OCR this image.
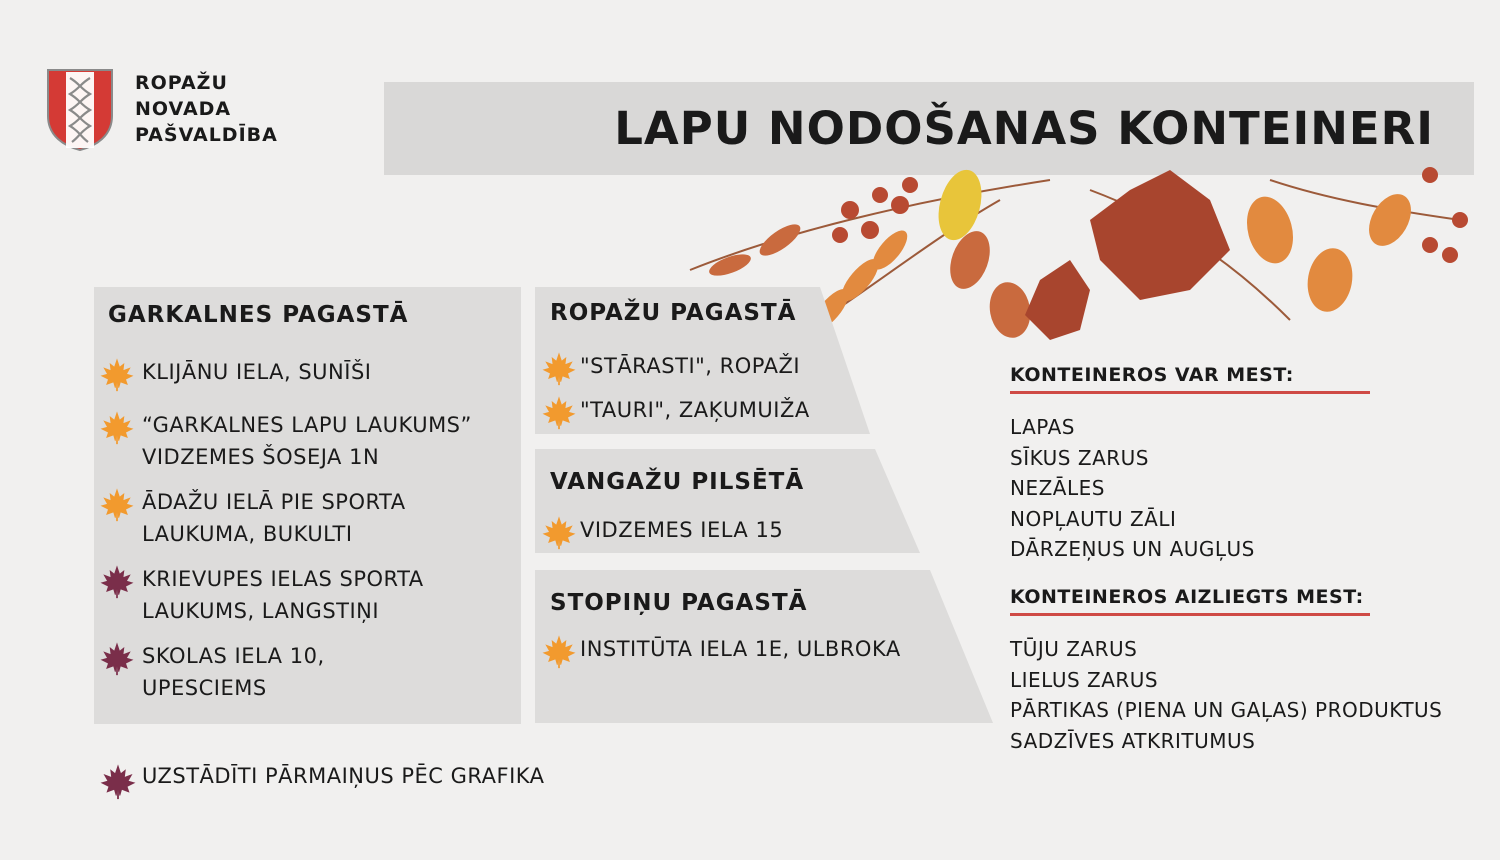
ROPAŽU
NOVADA
PAŠVALDĪBA	LAPU NODOŠANAS KONTEINERI
GARKALNES PAGASTĀ
KLIJĀNU IELA, SUNĪŠI
“GARKALNES LAPU LAUKUMS”
VIDZEMES ŠOSEJA 1N
ĀDAŽU IELĀ PIE SPORTA
LAUKUMA, BUKULTI
KRIEVUPES IELAS SPORTA
LAUKUMS, LANGSTIŅI
SKOLAS IELA 10,
UPESCIEMS
ROPAŽU PAGASTĀ
"STĀRASTI", ROPAŽI
"TAURI", ZAĶUMUIŽA
VANGAŽU PILSĒTĀ
VIDZEMES IELA 15
STOPIŅU PAGASTĀ
INSTITŪTA IELA 1E, ULBROKA
KONTEINEROS VAR MEST:
LAPAS
SĪKUS ZARUS
NEZĀLES
NOPĻAUTU ZĀLI
DĀRZEŅUS UN AUGĻUS
KONTEINEROS AIZLIEGTS MEST:
TŪJU ZARUS
LIELUS ZARUS
PĀRTIKAS (PIENA UN GAĻAS) PRODUKTUS
SADZĪVES ATKRITUMUS
UZSTĀDĪTI PĀRMAIŅUS PĒC GRAFIKA
